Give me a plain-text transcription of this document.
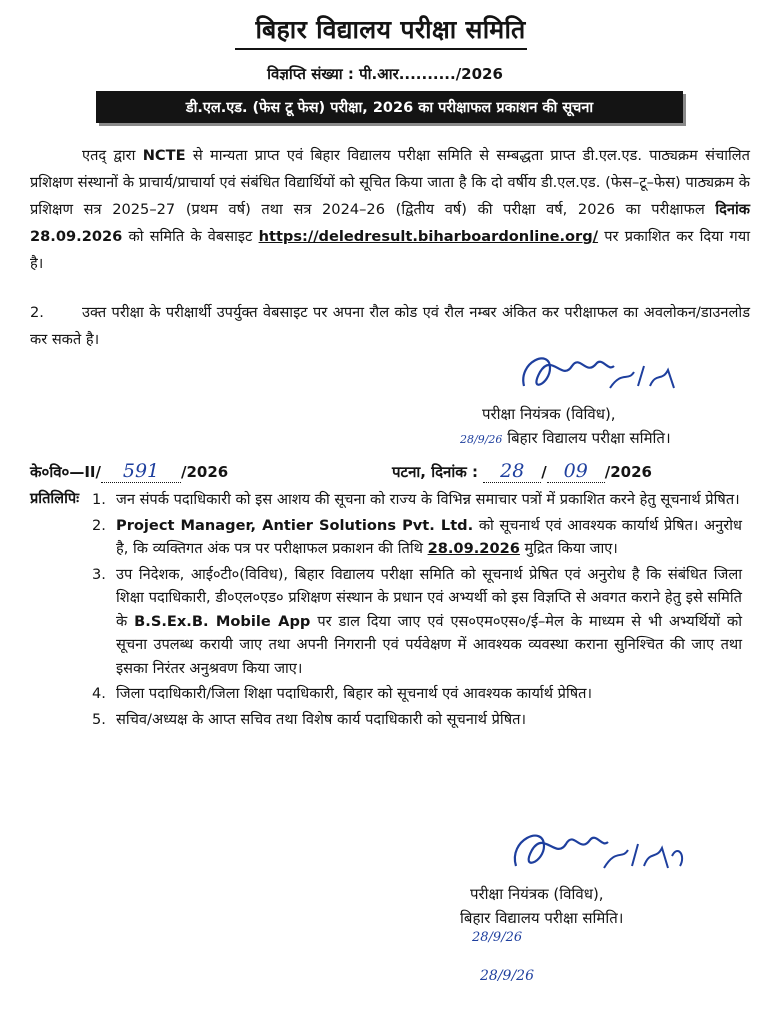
बिहार विद्यालय परीक्षा समिति
विज्ञप्ति संख्या : पी.आर........../2026
डी.एल.एड. (फेस टू फेस) परीक्षा, 2026 का परीक्षाफल प्रकाशन की सूचना
एतद् द्वारा NCTE से मान्यता प्राप्त एवं बिहार विद्यालय परीक्षा समिति से सम्बद्धता प्राप्त डी.एल.एड. पाठ्यक्रम संचालित प्रशिक्षण संस्थानों के प्राचार्य/प्राचार्या एवं संबंधित विद्यार्थियों को सूचित किया जाता है कि दो वर्षीय डी.एल.एड. (फेस–टू–फेस) पाठ्यक्रम के प्रशिक्षण सत्र 2025–27 (प्रथम वर्ष) तथा सत्र 2024–26 (द्वितीय वर्ष) की परीक्षा वर्ष, 2026 का परीक्षाफल दिनांक 28.09.2026 को समिति के वेबसाइट https://deledresult.biharboardonline.org/ पर प्रकाशित कर दिया गया है।
2.	उक्त परीक्षा के परीक्षार्थी उपर्युक्त वेबसाइट पर अपना रौल कोड एवं रौल नम्बर अंकित कर परीक्षाफल का अवलोकन/डाउनलोड कर सकते है।
परीक्षा नियंत्रक (विविध),
28/9/26 बिहार विद्यालय परीक्षा समिति।
के०वि०—II/ 591 /2026	पटना, दिनांक : 28 / 09 /2026
प्रतिलिपिः 1. जन संपर्क पदाधिकारी को इस आशय की सूचना को राज्य के विभिन्न समाचार पत्रों में प्रकाशित करने हेतु सूचनार्थ प्रेषित।
2. Project Manager, Antier Solutions Pvt. Ltd. को सूचनार्थ एवं आवश्यक कार्यार्थ प्रेषित। अनुरोध है, कि व्यक्तिगत अंक पत्र पर परीक्षाफल प्रकाशन की तिथि 28.09.2026 मुद्रित किया जाए।
3. उप निदेशक, आई०टी०(विविध), बिहार विद्यालय परीक्षा समिति को सूचनार्थ प्रेषित एवं अनुरोध है कि संबंधित जिला शिक्षा पदाधिकारी, डी०एल०एड० प्रशिक्षण संस्थान के प्रधान एवं अभ्यर्थी को इस विज्ञप्ति से अवगत कराने हेतु इसे समिति के B.S.Ex.B. Mobile App पर डाल दिया जाए एवं एस०एम०एस०/ई–मेल के माध्यम से भी अभ्यर्थियों को सूचना उपलब्ध करायी जाए तथा अपनी निगरानी एवं पर्यवेक्षण में आवश्यक व्यवस्था कराना सुनिश्चित की जाए तथा इसका निरंतर अनुश्रवण किया जाए।
4. जिला पदाधिकारी/जिला शिक्षा पदाधिकारी, बिहार को सूचनार्थ एवं आवश्यक कार्यार्थ प्रेषित।
5. सचिव/अध्यक्ष के आप्त सचिव तथा विशेष कार्य पदाधिकारी को सूचनार्थ प्रेषित।
परीक्षा नियंत्रक (विविध),
बिहार विद्यालय परीक्षा समिति।
28/9/26
28/9/26
